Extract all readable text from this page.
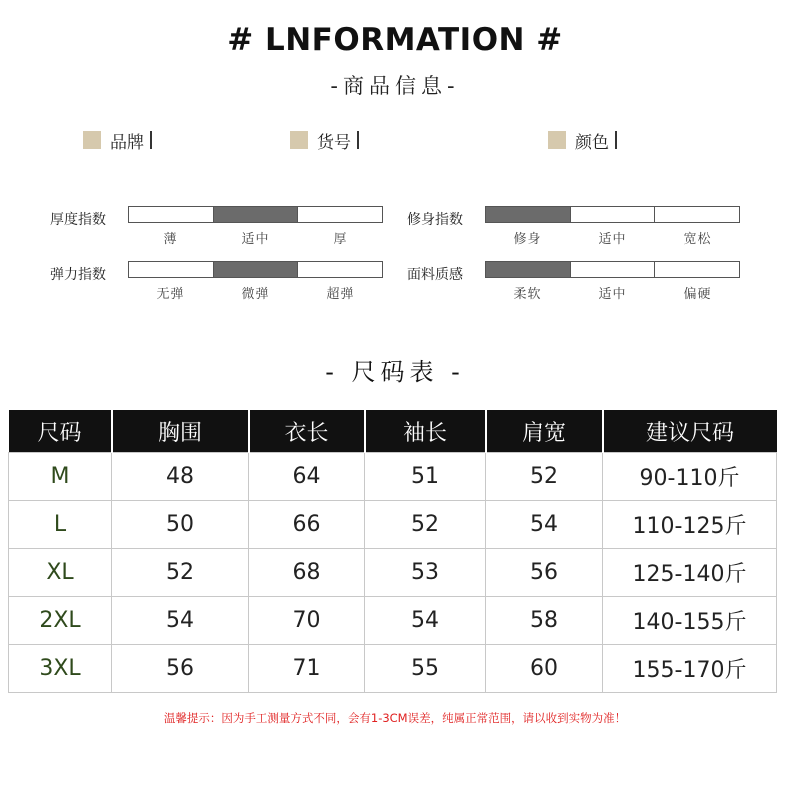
# LNFORMATION #
-商品信息-
品牌	货号	颜色
厚度指数
薄	适中	厚
弹力指数
无弹	微弹	超弹
修身指数
修身	适中	宽松
面料质感
柔软	适中	偏硬
- 尺码表 -
尺码	胸围	衣长	袖长	肩宽	建议尺码
M	48	64	51	52	90-110斤
L	50	66	52	54	110-125斤
XL	52	68	53	56	125-140斤
2XL	54	70	54	58	140-155斤
3XL	56	71	55	60	155-170斤
温馨提示：因为手工测量方式不同，会有1-3CM误差，纯属正常范围，请以收到实物为准！
